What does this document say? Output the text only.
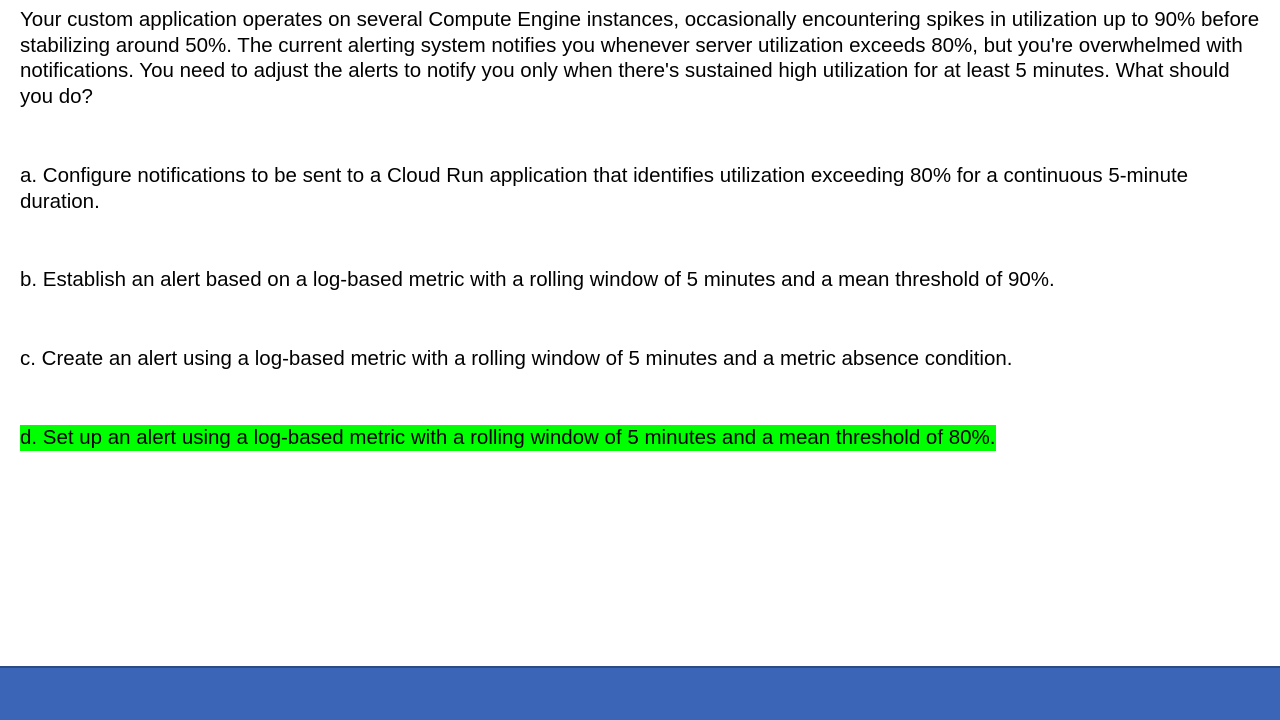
Your custom application operates on several Compute Engine instances, occasionally encountering spikes in utilization up to 90% before stabilizing around 50%. The current alerting system notifies you whenever server utilization exceeds 80%, but you're overwhelmed with notifications. You need to adjust the alerts to notify you only when there's sustained high utilization for at least 5 minutes. What should you do?

a. Configure notifications to be sent to a Cloud Run application that identifies utilization exceeding 80% for a continuous 5-minute duration.

b. Establish an alert based on a log-based metric with a rolling window of 5 minutes and a mean threshold of 90%.

c. Create an alert using a log-based metric with a rolling window of 5 minutes and a metric absence condition.

d. Set up an alert using a log-based metric with a rolling window of 5 minutes and a mean threshold of 80%.
